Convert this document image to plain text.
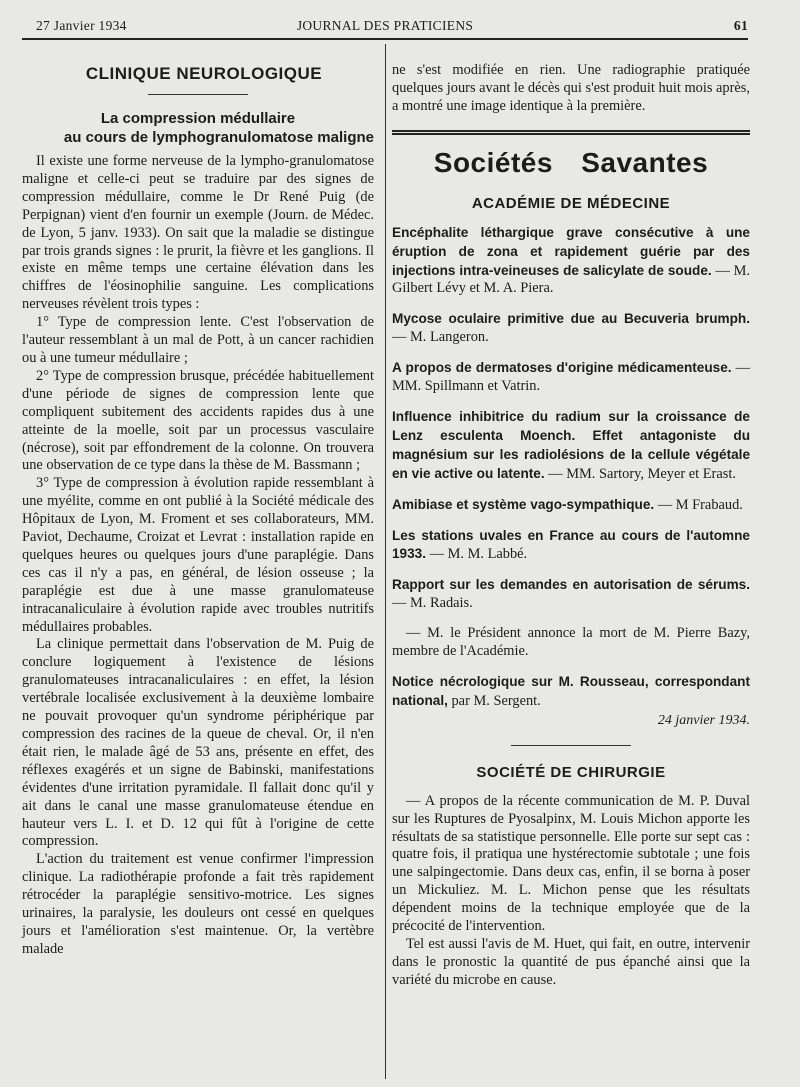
27 Janvier 1934	JOURNAL DES PRATICIENS	61
CLINIQUE NEUROLOGIQUE
La compression médullaire
au cours de lymphogranulomatose maligne

Il existe une forme nerveuse de la lympho-granulomatose maligne et celle-ci peut se traduire par des signes de compression médullaire, comme le Dr René Puig (de Perpignan) vient d'en fournir un exemple (Journ. de Médec. de Lyon, 5 janv. 1933). On sait que la maladie se distingue par trois grands signes : le prurit, la fièvre et les ganglions. Il existe en même temps une certaine élévation dans les chiffres de l'éosinophilie sanguine. Les complications nerveuses révèlent trois types :

1° Type de compression lente. C'est l'observation de l'auteur ressemblant à un mal de Pott, à un cancer rachidien ou à une tumeur médullaire ;

2° Type de compression brusque, précédée habituellement d'une période de signes de compression lente que compliquent subitement des accidents rapides dus à une atteinte de la moelle, soit par un processus vasculaire (nécrose), soit par effondrement de la colonne. On trouvera une observation de ce type dans la thèse de M. Bassmann ;

3° Type de compression à évolution rapide ressemblant à une myélite, comme en ont publié à la Société médicale des Hôpitaux de Lyon, M. Froment et ses collaborateurs, MM. Paviot, Dechaume, Croizat et Levrat : installation rapide en quelques heures ou quelques jours d'une paraplégie. Dans ces cas il n'y a pas, en général, de lésion osseuse ; la paraplégie est due à une masse granulomateuse intracanaliculaire à évolution rapide avec troubles nutritifs médullaires probables.

La clinique permettait dans l'observation de M. Puig de conclure logiquement à l'existence de lésions granulomateuses intracanaliculaires : en effet, la lésion vertébrale localisée exclusivement à la deuxième lombaire ne pouvait provoquer qu'un syndrome périphérique par compression des racines de la queue de cheval. Or, il n'en était rien, le malade âgé de 53 ans, présente en effet, des réflexes exagérés et un signe de Babinski, manifestations évidentes d'une irritation pyramidale. Il fallait donc qu'il y ait dans le canal une masse granulomateuse étendue en hauteur vers L. I. et D. 12 qui fût à l'origine de cette compression.

L'action du traitement est venue confirmer l'impression clinique. La radiothérapie profonde a fait très rapidement rétrocéder la paraplégie sensitivo-motrice. Les signes urinaires, la paralysie, les douleurs ont cessé en quelques jours et l'amélioration s'est maintenue. Or, la vertèbre malade

ne s'est modifiée en rien. Une radiographie pratiquée quelques jours avant le décès qui s'est produit huit mois après, a montré une image identique à la première.

Sociétés Savantes
ACADÉMIE DE MÉDECINE

Encéphalite léthargique grave consécutive à une éruption de zona et rapidement guérie par des injections intra-veineuses de salicylate de soude. — M. Gilbert Lévy et M. A. Piera.

Mycose oculaire primitive due au Becuveria brumph. — M. Langeron.

A propos de dermatoses d'origine médicamenteuse. — MM. Spillmann et Vatrin.

Influence inhibitrice du radium sur la croissance de Lenz esculenta Moench. Effet antagoniste du magnésium sur les radiolésions de la cellule végétale en vie active ou latente. — MM. Sartory, Meyer et Erast.

Amibiase et système vago-sympathique. — M Frabaud.

Les stations uvales en France au cours de l'automne 1933. — M. M. Labbé.

Rapport sur les demandes en autorisation de sérums. — M. Radais.

— M. le Président annonce la mort de M. Pierre Bazy, membre de l'Académie.

Notice nécrologique sur M. Rousseau, correspondant national, par M. Sergent.

24 janvier 1934.
SOCIÉTÉ DE CHIRURGIE

— A propos de la récente communication de M. P. Duval sur les Ruptures de Pyosalpinx, M. Louis Michon apporte les résultats de sa statistique personnelle. Elle porte sur sept cas : quatre fois, il pratiqua une hystérectomie subtotale ; une fois une salpingectomie. Dans deux cas, enfin, il se borna à poser un Mickuliez. M. L. Michon pense que les résultats dépendent moins de la technique employée que de la précocité de l'intervention.

Tel est aussi l'avis de M. Huet, qui fait, en outre, intervenir dans le pronostic la quantité de pus épanché ainsi que la variété du microbe en cause.
